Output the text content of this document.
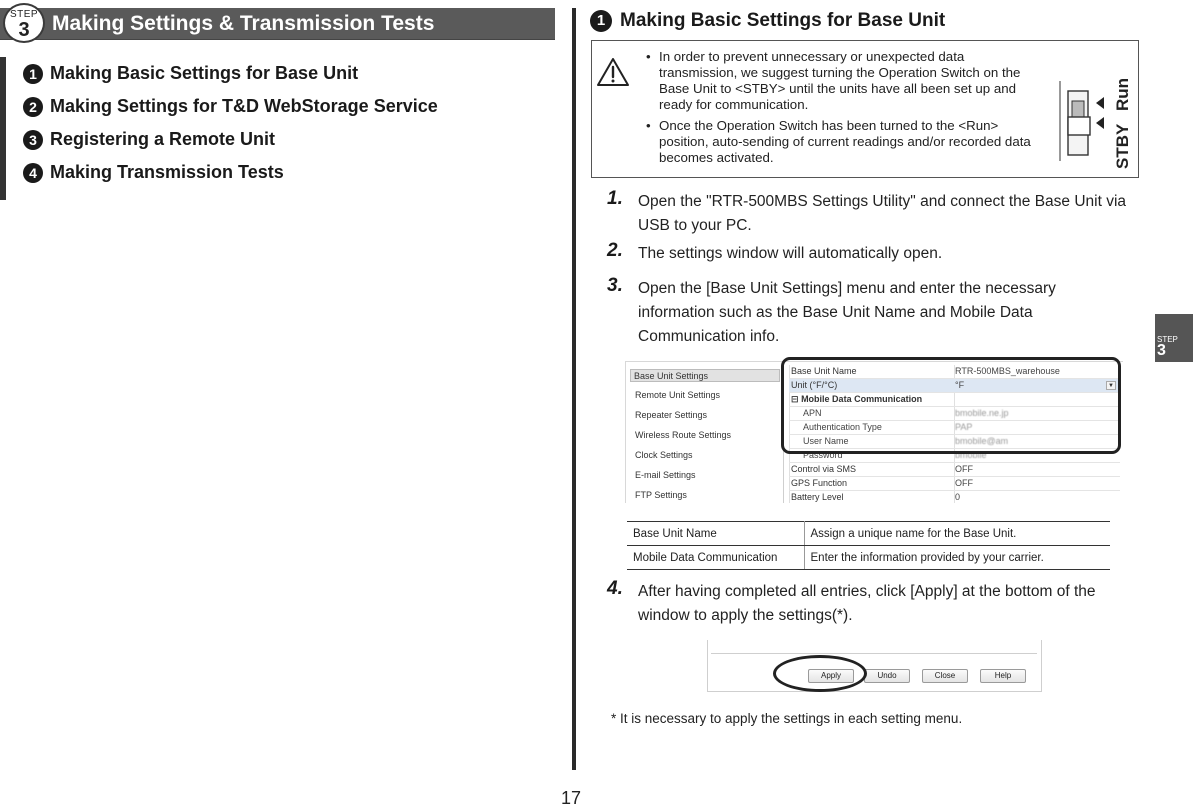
Making Settings & Transmission Tests
STEP
3
1 Making Basic Settings for Base Unit
2 Making Settings for T&D WebStorage Service
3 Registering a Remote Unit
4 Making Transmission Tests
1 Making Basic Settings for Base Unit
• In order to prevent unnecessary or unexpected data transmission, we suggest turning the Operation Switch on the Base Unit to <STBY> until the units have all been set up and ready for communication.
• Once the Operation Switch has been turned to the <Run> position, auto-sending of current readings and/or recorded data becomes activated.	STBY
Run
1. Open the "RTR-500MBS Settings Utility" and connect the Base Unit via USB to your PC.
2. The settings window will automatically open.
3. Open the [Base Unit Settings] menu and enter the necessary information such as the Base Unit Name and Mobile Data Communication info.
4. After having completed all entries, click [Apply] at the bottom of the window to apply the settings(*).
Base Unit Settings
Remote Unit Settings
Repeater Settings
Wireless Route Settings
Clock Settings
E-mail Settings
FTP Settings
Base Unit Name	RTR-500MBS_warehouse
Unit (°F/°C)	°F	▼
⊟ Mobile Data Communication
APN	bmobile.ne.jp
Authentication Type	PAP
User Name	bmobile@am
Password	bmobile
Control via SMS	OFF
GPS Function	OFF
Battery Level	0
Base Unit Name	Assign a unique name for the Base Unit.
Mobile Data Communication	Enter the information provided by your carrier.
Apply	Undo	Close	Help
* It is necessary to apply the settings in each setting menu.
STEP
3
17
